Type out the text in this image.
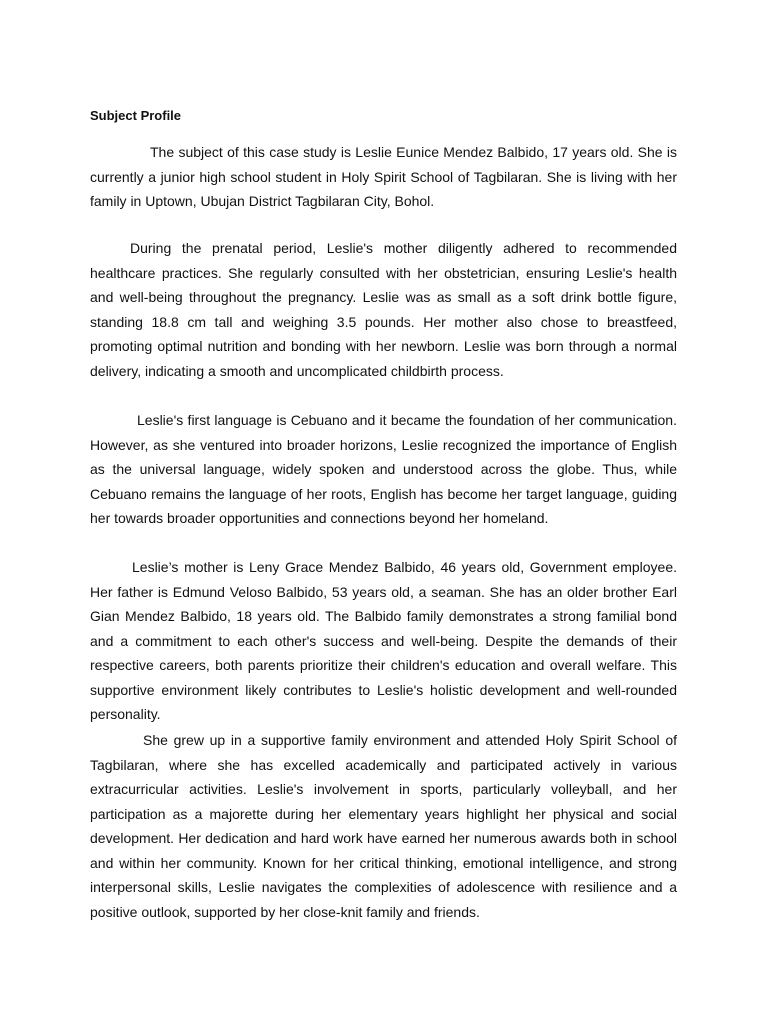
Subject Profile

The subject of this case study is Leslie Eunice Mendez Balbido, 17 years old. She is currently a junior high school student in Holy Spirit School of Tagbilaran. She is living with her family in Uptown, Ubujan District Tagbilaran City, Bohol.

During the prenatal period, Leslie's mother diligently adhered to recommended healthcare practices. She regularly consulted with her obstetrician, ensuring Leslie's health and well-being throughout the pregnancy. Leslie was as small as a soft drink bottle figure, standing 18.8 cm tall and weighing 3.5 pounds. Her mother also chose to breastfeed, promoting optimal nutrition and bonding with her newborn. Leslie was born through a normal delivery, indicating a smooth and uncomplicated childbirth process.

Leslie's first language is Cebuano and it became the foundation of her communication. However, as she ventured into broader horizons, Leslie recognized the importance of English as the universal language, widely spoken and understood across the globe. Thus, while Cebuano remains the language of her roots, English has become her target language, guiding her towards broader opportunities and connections beyond her homeland.

Leslie’s mother is Leny Grace Mendez Balbido, 46 years old, Government employee. Her father is Edmund Veloso Balbido, 53 years old, a seaman. She has an older brother Earl Gian Mendez Balbido, 18 years old. The Balbido family demonstrates a strong familial bond and a commitment to each other's success and well-being. Despite the demands of their respective careers, both parents prioritize their children's education and overall welfare. This supportive environment likely contributes to Leslie's holistic development and well-rounded personality.

She grew up in a supportive family environment and attended Holy Spirit School of Tagbilaran, where she has excelled academically and participated actively in various extracurricular activities. Leslie's involvement in sports, particularly volleyball, and her participation as a majorette during her elementary years highlight her physical and social development. Her dedication and hard work have earned her numerous awards both in school and within her community. Known for her critical thinking, emotional intelligence, and strong interpersonal skills, Leslie navigates the complexities of adolescence with resilience and a positive outlook, supported by her close-knit family and friends.
